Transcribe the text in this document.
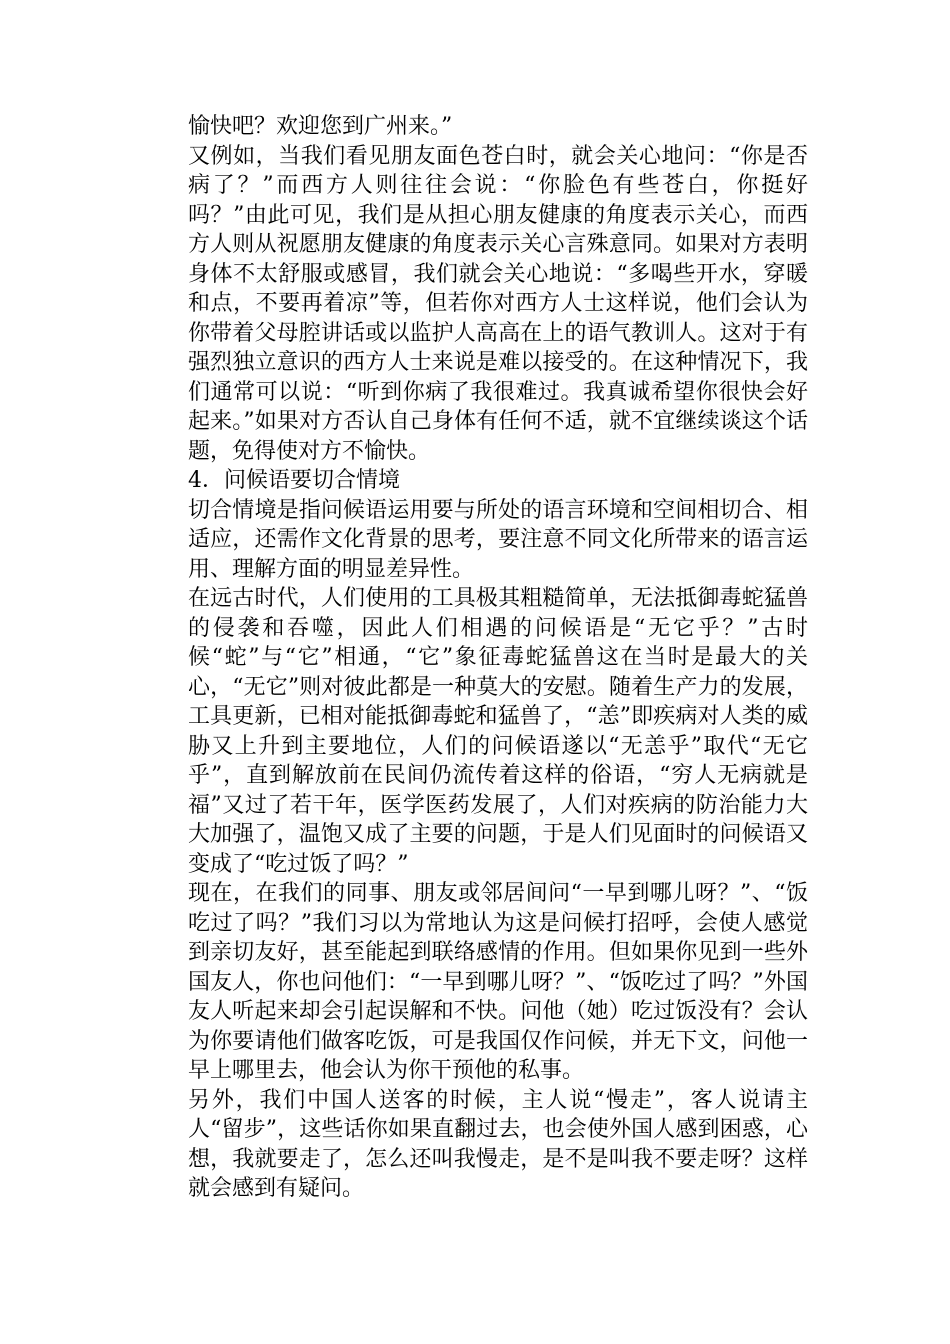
愉快吧？欢迎您到广州来。”

又例如，当我们看见朋友面色苍白时，就会关心地问：“你是否病了？”而西方人则往往会说：“你脸色有些苍白，你挺好吗？”由此可见，我们是从担心朋友健康的角度表示关心，而西方人则从祝愿朋友健康的角度表示关心言殊意同。如果对方表明身体不太舒服或感冒，我们就会关心地说：“多喝些开水，穿暖和点，不要再着凉”等，但若你对西方人士这样说，他们会认为你带着父母腔讲话或以监护人高高在上的语气教训人。这对于有强烈独立意识的西方人士来说是难以接受的。在这种情况下，我们通常可以说：“听到你病了我很难过。我真诚希望你很快会好起来。”如果对方否认自己身体有任何不适，就不宜继续谈这个话题，免得使对方不愉快。

4．问候语要切合情境

切合情境是指问候语运用要与所处的语言环境和空间相切合、相适应，还需作文化背景的思考，要注意不同文化所带来的语言运用、理解方面的明显差异性。

在远古时代，人们使用的工具极其粗糙简单，无法抵御毒蛇猛兽的侵袭和吞噬，因此人们相遇的问候语是“无它乎？”古时候“蛇”与“它”相通，“它”象征毒蛇猛兽这在当时是最大的关心，“无它”则对彼此都是一种莫大的安慰。随着生产力的发展，工具更新，已相对能抵御毒蛇和猛兽了，“恙”即疾病对人类的威胁又上升到主要地位，人们的问候语遂以“无恙乎”取代“无它乎”，直到解放前在民间仍流传着这样的俗语，“穷人无病就是福”又过了若干年，医学医药发展了，人们对疾病的防治能力大大加强了，温饱又成了主要的问题，于是人们见面时的问候语又变成了“吃过饭了吗？”

现在，在我们的同事、朋友或邻居间问“一早到哪儿呀？”、“饭吃过了吗？”我们习以为常地认为这是问候打招呼，会使人感觉到亲切友好，甚至能起到联络感情的作用。但如果你见到一些外国友人，你也问他们：“一早到哪儿呀？”、“饭吃过了吗？”外国友人听起来却会引起误解和不快。问他（她）吃过饭没有？会认为你要请他们做客吃饭，可是我国仅作问候，并无下文，问他一早上哪里去，他会认为你干预他的私事。

另外，我们中国人送客的时候，主人说“慢走”，客人说请主人“留步”，这些话你如果直翻过去，也会使外国人感到困惑，心想，我就要走了，怎么还叫我慢走，是不是叫我不要走呀？这样就会感到有疑问。
